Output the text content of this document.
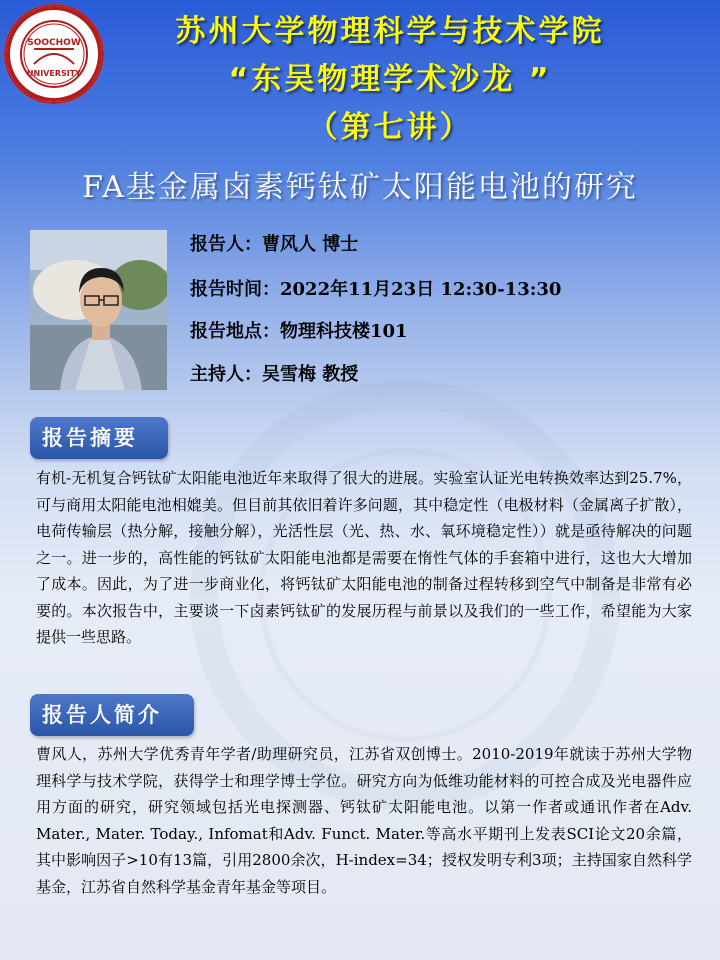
SOOCHOW
UNIVERSITY
苏州大学物理科学与技术学院
“东吴物理学术沙龙 ”
（第七讲）
FA基金属卤素钙钛矿太阳能电池的研究
报告人：曹风人 博士
报告时间：2022年11月23日 12:30-13:30
报告地点：物理科技楼101
主持人：吴雪梅 教授
报告摘要
有机-无机复合钙钛矿太阳能电池近年来取得了很大的进展。实验室认证光电转换效率达到25.7%，可与商用太阳能电池相媲美。但目前其依旧着许多问题，其中稳定性（电极材料（金属离子扩散），电荷传输层（热分解，接触分解），光活性层（光、热、水、氧环境稳定性））就是亟待解决的问题之一。进一步的，高性能的钙钛矿太阳能电池都是需要在惰性气体的手套箱中进行，这也大大增加了成本。因此，为了进一步商业化，将钙钛矿太阳能电池的制备过程转移到空气中制备是非常有必要的。本次报告中，主要谈一下卤素钙钛矿的发展历程与前景以及我们的一些工作，希望能为大家提供一些思路。
报告人简介
曹风人，苏州大学优秀青年学者/助理研究员，江苏省双创博士。2010-2019年就读于苏州大学物理科学与技术学院，获得学士和理学博士学位。研究方向为低维功能材料的可控合成及光电器件应用方面的研究，研究领域包括光电探测器、钙钛矿太阳能电池。以第一作者或通讯作者在Adv. Mater., Mater. Today., Infomat和Adv. Funct. Mater.等高水平期刊上发表SCI论文20余篇，其中影响因子>10有13篇，引用2800余次，H-index=34；授权发明专利3项；主持国家自然科学基金，江苏省自然科学基金青年基金等项目。
